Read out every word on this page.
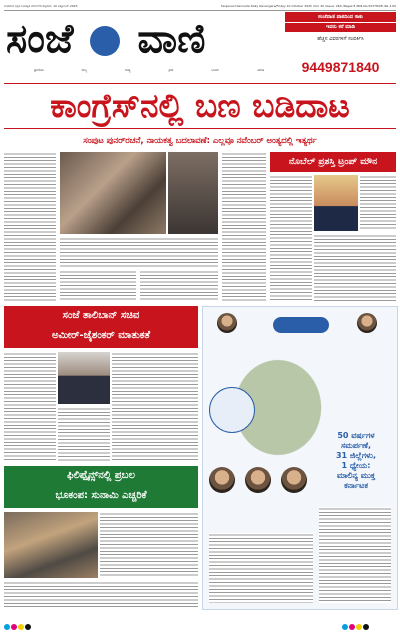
ಸಂಜೆವಾಣಿ ಕನ್ನಡ ದಿನಪತ್ರಿಕೆ ದಾವಣಗೆರೆ ಶುಕ್ರವಾರ, 10 ಅಕ್ಟೋಬರ್ 2025	Sanjevani Kannada Daily Davangere/Friday 10 October 2025 /Vol: 20 /Issue: 264 /Pages 8 /RNI No.50378/08 /Rs 2.00
ಸಂಜೆ ವಾಣಿ
ಪ್ರಾದೇಶಿಕ	ರಾಜ್ಯ	ರಾಷ್ಟ್ರ	ಕ್ರೀಡೆ	ಸಿನಿಮಾ	ವಿಶೇಷ
ಸಂಜೆವಾಣಿ ಪಾಠದಿಂದ ಸಾಕು
ಇವರು ಕರೆ ಮಾಡಿ
ಹೆಚ್ಚಿನ ವಿವರಗಳಿಗೆ ಸಂಪರ್ಕಿಸಿ
9449871840
ಕಾಂಗ್ರೆಸ್‌ನಲ್ಲಿ ಬಣ ಬಡಿದಾಟ
ಸಂಪುಟ ಪುನರ್‌ರಚನೆ, ನಾಯಕತ್ವ ಬದಲಾವಣೆ: ಎಲ್ಲವೂ ನವೆಂಬರ್ ಅಂತ್ಯದಲ್ಲಿ ಇತ್ಯರ್ಥ
ನೊಬೆಲ್ ಪ್ರಶಸ್ತಿ ಟ್ರಂಪ್ ಮೌನ
ಸಂಜೆ ತಾಲಿಬಾನ್ ಸಚಿವ
ಅಮೀರ್-ಜೈಶಂಕರ್ ಮಾತುಕತೆ
ಫಿಲಿಪ್ಪೈನ್ಸ್‌ನಲ್ಲಿ ಪ್ರಬಲ
ಭೂಕಂಪ: ಸುನಾಮಿ ಎಚ್ಚರಿಕೆ
50 ವರ್ಷಗಳ
ಸಮರ್ಪಣೆ,
31 ಜಿಲ್ಲೆಗಳು,
1 ಧ್ಯೇಯ:
ಮಾಲಿನ್ಯ ಮುಕ್ತ
ಕರ್ನಾಟಕ
